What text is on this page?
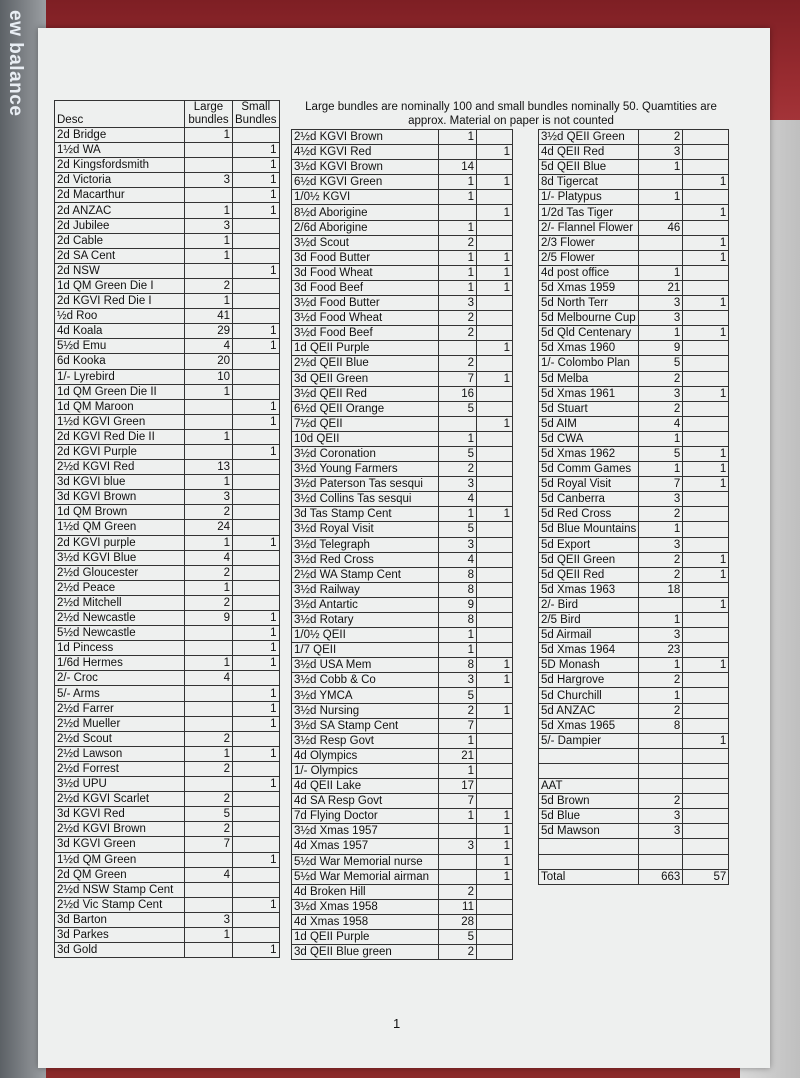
ew balance
Desc	Large bundles	Small Bundles
2d Bridge	1	
1½d WA		1
2d Kingsfordsmith		1
2d Victoria	3	1
2d Macarthur		1
2d ANZAC	1	1
2d Jubilee	3	
2d Cable	1	
2d SA Cent	1	
2d NSW		1
1d QM Green Die I	2	
2d KGVI Red Die I	1	
½d Roo	41	
4d Koala	29	1
5½d Emu	4	1
6d Kooka	20	
1/- Lyrebird	10	
1d QM Green Die II	1	
1d QM Maroon		1
1½d KGVI Green		1
2d KGVI Red Die II	1	
2d KGVI Purple		1
2½d KGVI Red	13	
3d KGVI blue	1	
3d KGVI Brown	3	
1d QM Brown	2	
1½d QM Green	24	
2d KGVI purple	1	1
3½d KGVI Blue	4	
2½d Gloucester	2	
2½d Peace	1	
2½d Mitchell	2	
2½d Newcastle	9	1
5½d Newcastle		1
1d Pincess		1
1/6d Hermes	1	1
2/- Croc	4	
5/- Arms		1
2½d Farrer		1
2½d Mueller		1
2½d Scout	2	
2½d Lawson	1	1
2½d Forrest	2	
3½d UPU		1
2½d KGVI Scarlet	2	
3d KGVI Red	5	
2½d KGVI Brown	2	
3d KGVI Green	7	
1½d QM Green		1
2d QM Green	4	
2½d NSW Stamp Cent		
2½d Vic Stamp Cent		1
3d Barton	3	
3d Parkes	1	
3d Gold		1
Large bundles are nominally 100 and small bundles nominally 50. Quamtities are approx. Material on paper is not counted
2½d KGVI Brown	1	
4½d KGVI Red		1
3½d KGVI Brown	14	
6½d KGVI Green	1	1
1/0½ KGVI	1	
8½d Aborigine		1
2/6d Aborigine	1	
3½d Scout	2	
3d Food Butter	1	1
3d Food Wheat	1	1
3d Food Beef	1	1
3½d Food Butter	3	
3½d Food Wheat	2	
3½d Food Beef	2	
1d QEII Purple		1
2½d QEII Blue	2	
3d QEII Green	7	1
3½d QEII Red	16	
6½d QEII Orange	5	
7½d QEII		1
10d QEII	1	
3½d Coronation	5	
3½d Young Farmers	2	
3½d Paterson Tas sesqui	3	
3½d Collins Tas sesqui	4	
3d Tas Stamp Cent	1	1
3½d Royal Visit	5	
3½d Telegraph	3	
3½d Red Cross	4	
2½d WA Stamp Cent	8	
3½d Railway	8	
3½d Antartic	9	
3½d Rotary	8	
1/0½ QEII	1	
1/7 QEII	1	
3½d USA Mem	8	1
3½d Cobb & Co	3	1
3½d YMCA	5	
3½d Nursing	2	1
3½d SA Stamp Cent	7	
3½d Resp Govt	1	
4d Olympics	21	
1/- Olympics	1	
4d QEII Lake	17	
4d SA Resp Govt	7	
7d Flying Doctor	1	1
3½d Xmas 1957		1
4d Xmas 1957	3	1
5½d War Memorial nurse		1
5½d War Memorial airman		1
4d Broken Hill	2	
3½d Xmas 1958	11	
4d Xmas 1958	28	
1d QEII Purple	5	
3d QEII Blue green	2	
3½d QEII Green	2	
4d QEII Red	3	
5d QEII Blue	1	
8d Tigercat		1
1/- Platypus	1	
1/2d Tas Tiger		1
2/- Flannel Flower	46	
2/3 Flower		1
2/5 Flower		1
4d post office	1	
5d Xmas 1959	21	
5d North Terr	3	1
5d Melbourne Cup	3	
5d Qld Centenary	1	1
5d Xmas 1960	9	
1/- Colombo Plan	5	
5d Melba	2	
5d Xmas 1961	3	1
5d Stuart	2	
5d AIM	4	
5d CWA	1	
5d Xmas 1962	5	1
5d Comm Games	1	1
5d Royal Visit	7	1
5d Canberra	3	
5d Red Cross	2	
5d Blue Mountains	1	
5d Export	3	
5d QEII Green	2	1
5d QEII Red	2	1
5d Xmas 1963	18	
2/- Bird		1
2/5 Bird	1	
5d Airmail	3	
5d Xmas 1964	23	
5D Monash	1	1
5d Hargrove	2	
5d Churchill	1	
5d ANZAC	2	
5d Xmas 1965	8	
5/- Dampier		1

AAT		
5d Brown	2	
5d Blue	3	
5d Mawson	3	

Total	663	57
1
